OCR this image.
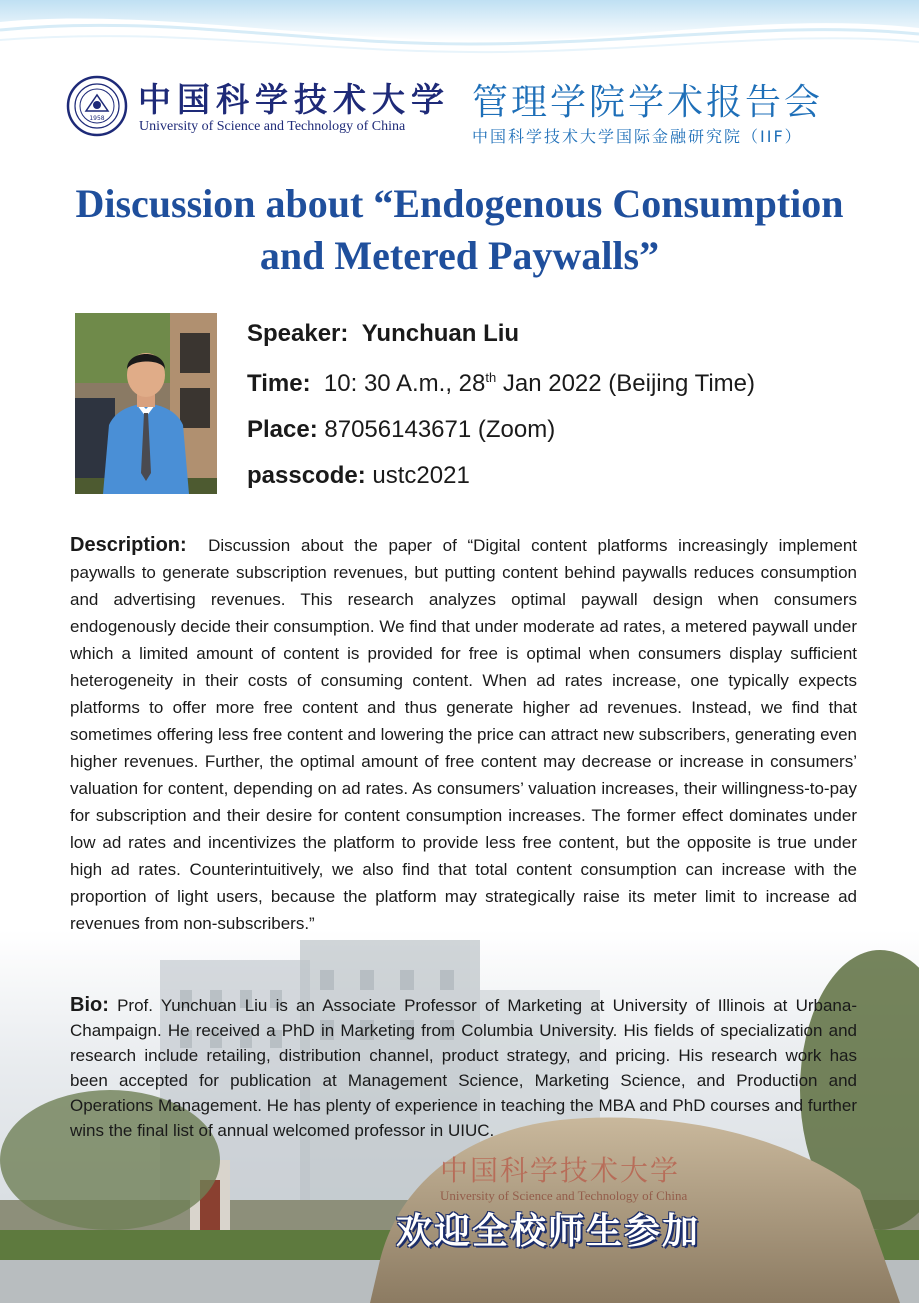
1958 中国科学技术大学
University of Science and Technology of China
管理学院学术报告会
中国科学技术大学国际金融研究院（IIF）
Discussion about “Endogenous Consumption
and Metered Paywalls”
Speaker: Yunchuan Liu
Time: 10: 30 A.m., 28th Jan 2022 (Beijing Time)
Place: 87056143671 (Zoom)
passcode: ustc2021
中国科学技术大学
University of Science and Technology of China
Description: Discussion about the paper of “Digital content platforms increasingly implement paywalls to generate subscription revenues, but putting content behind paywalls reduces consumption and advertising revenues. This research analyzes optimal paywall design when consumers endogenously decide their consumption. We find that under moderate ad rates, a metered paywall under which a limited amount of content is provided for free is optimal when consumers display sufficient heterogeneity in their costs of consuming content. When ad rates increase, one typically expects platforms to offer more free content and thus generate higher ad revenues. Instead, we find that sometimes offering less free content and lowering the price can attract new subscribers, generating even higher revenues. Further, the optimal amount of free content may decrease or increase in consumers’ valuation for content, depending on ad rates. As consumers’ valuation increases, their willingness-to-pay for subscription and their desire for content consumption increases. The former effect dominates under low ad rates and incentivizes the platform to provide less free content, but the opposite is true under high ad rates. Counterintuitively, we also find that total content consumption can increase with the proportion of light users, because the platform may strategically raise its meter limit to increase ad revenues from non-subscribers.”
Bio: Prof. Yunchuan Liu is an Associate Professor of Marketing at University of Illinois at Urbana-Champaign. He received a PhD in Marketing from Columbia University. His fields of specialization and research include retailing, distribution channel, product strategy, and pricing. His research work has been accepted for publication at Management Science, Marketing Science, and Production and Operations Management. He has plenty of experience in teaching the MBA and PhD courses and further wins the final list of annual welcomed professor in UIUC.
欢迎全校师生参加
